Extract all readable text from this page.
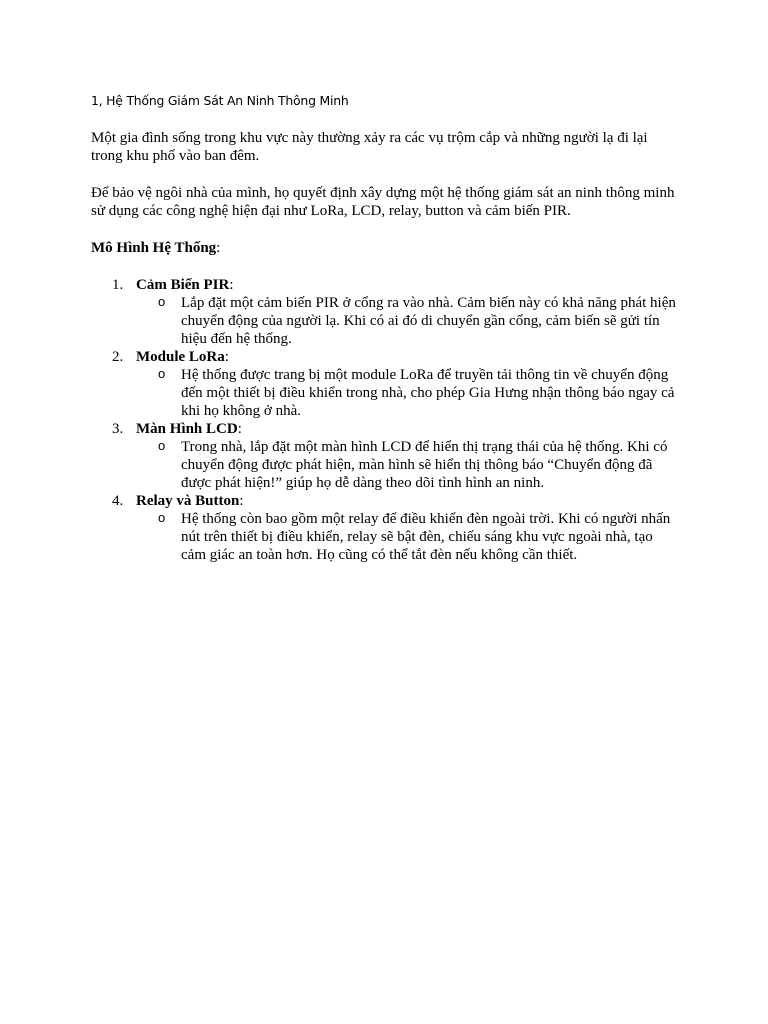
1, Hệ Thống Giám Sát An Ninh Thông Minh

Một gia đình sống trong khu vực này thường xảy ra các vụ trộm cắp và những người lạ đi lại trong khu phố vào ban đêm.

Để bảo vệ ngôi nhà của mình, họ quyết định xây dựng một hệ thống giám sát an ninh thông minh sử dụng các công nghệ hiện đại như LoRa, LCD, relay, button và cảm biến PIR.

Mô Hình Hệ Thống:

1. Cảm Biến PIR:
o Lắp đặt một cảm biến PIR ở cổng ra vào nhà. Cảm biến này có khả năng phát hiện chuyển động của người lạ. Khi có ai đó di chuyển gần cổng, cảm biến sẽ gửi tín hiệu đến hệ thống.
2. Module LoRa:
o Hệ thống được trang bị một module LoRa để truyền tải thông tin về chuyển động đến một thiết bị điều khiển trong nhà, cho phép Gia Hưng nhận thông báo ngay cả khi họ không ở nhà.
3. Màn Hình LCD:
o Trong nhà, lắp đặt một màn hình LCD để hiển thị trạng thái của hệ thống. Khi có chuyển động được phát hiện, màn hình sẽ hiển thị thông báo “Chuyển động đã được phát hiện!” giúp họ dễ dàng theo dõi tình hình an ninh.
4. Relay và Button:
o Hệ thống còn bao gồm một relay để điều khiển đèn ngoài trời. Khi có người nhấn nút trên thiết bị điều khiển, relay sẽ bật đèn, chiếu sáng khu vực ngoài nhà, tạo cảm giác an toàn hơn. Họ cũng có thể tắt đèn nếu không cần thiết.
